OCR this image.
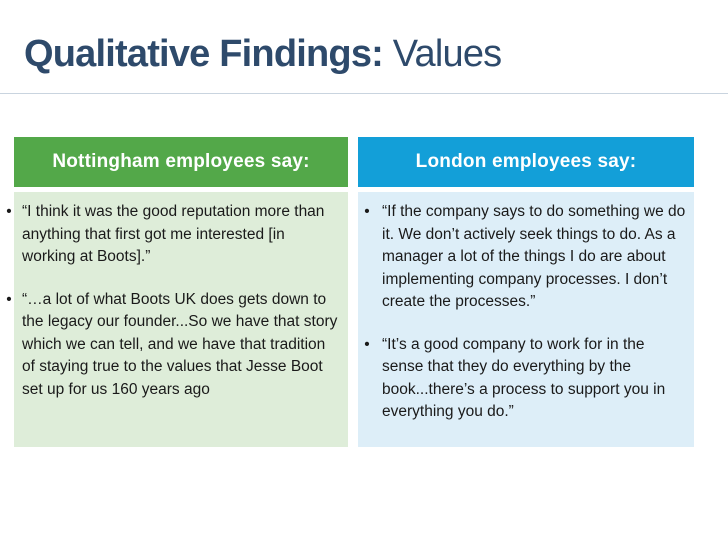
Qualitative Findings: Values
Nottingham employees say:
• “I think it was the good reputation more than anything that first got me interested [in working at Boots].”
• “…a lot of what Boots UK does gets down to the legacy our founder...So we have that story which we can tell, and we have that tradition of staying true to the values that Jesse Boot set up for us 160 years ago
London employees say:
• “If the company says to do something we do it. We don’t actively seek things to do. As a manager a lot of the things I do are about implementing company processes. I don’t create the processes.”
• “It’s a good company to work for in the sense that they do everything by the book...there’s a process to support you in everything you do.”
